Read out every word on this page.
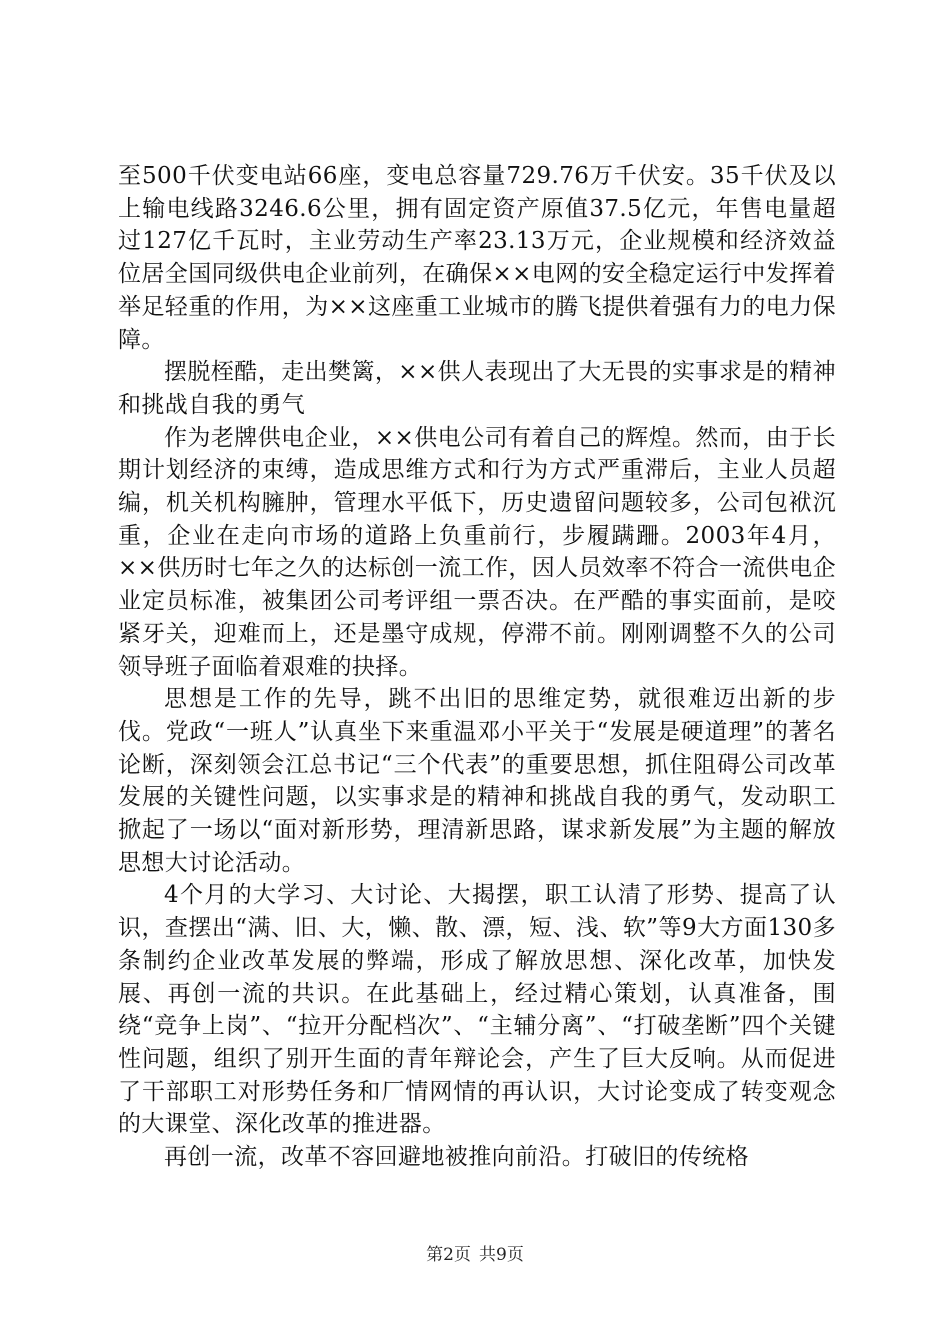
至500千伏变电站66座，变电总容量729.76万千伏安。35千伏及以上输电线路3246.6公里，拥有固定资产原值37.5亿元，年售电量超过127亿千瓦时，主业劳动生产率23.13万元，企业规模和经济效益位居全国同级供电企业前列，在确保××电网的安全稳定运行中发挥着举足轻重的作用，为××这座重工业城市的腾飞提供着强有力的电力保障。

摆脱桎酷，走出樊篱，××供人表现出了大无畏的实事求是的精神和挑战自我的勇气

作为老牌供电企业，××供电公司有着自己的辉煌。然而，由于长期计划经济的束缚，造成思维方式和行为方式严重滞后，主业人员超编，机关机构臃肿，管理水平低下，历史遗留问题较多，公司包袱沉重，企业在走向市场的道路上负重前行，步履蹒跚。2003年4月，××供历时七年之久的达标创一流工作，因人员效率不符合一流供电企业定员标准，被集团公司考评组一票否决。在严酷的事实面前，是咬紧牙关，迎难而上，还是墨守成规，停滞不前。刚刚调整不久的公司领导班子面临着艰难的抉择。

思想是工作的先导，跳不出旧的思维定势，就很难迈出新的步伐。党政“一班人”认真坐下来重温邓小平关于“发展是硬道理”的著名论断，深刻领会江总书记“三个代表”的重要思想，抓住阻碍公司改革发展的关键性问题，以实事求是的精神和挑战自我的勇气，发动职工掀起了一场以“面对新形势，理清新思路，谋求新发展”为主题的解放思想大讨论活动。

4个月的大学习、大讨论、大揭摆，职工认清了形势、提高了认识，查摆出“满、旧、大，懒、散、漂，短、浅、软”等9大方面130多条制约企业改革发展的弊端，形成了解放思想、深化改革，加快发展、再创一流的共识。在此基础上，经过精心策划，认真准备，围绕“竞争上岗”、“拉开分配档次”、“主辅分离”、“打破垄断”四个关键性问题，组织了别开生面的青年辩论会，产生了巨大反响。从而促进了干部职工对形势任务和厂情网情的再认识，大讨论变成了转变观念的大课堂、深化改革的推进器。

再创一流，改革不容回避地被推向前沿。打破旧的传统格

第2页 共9页
